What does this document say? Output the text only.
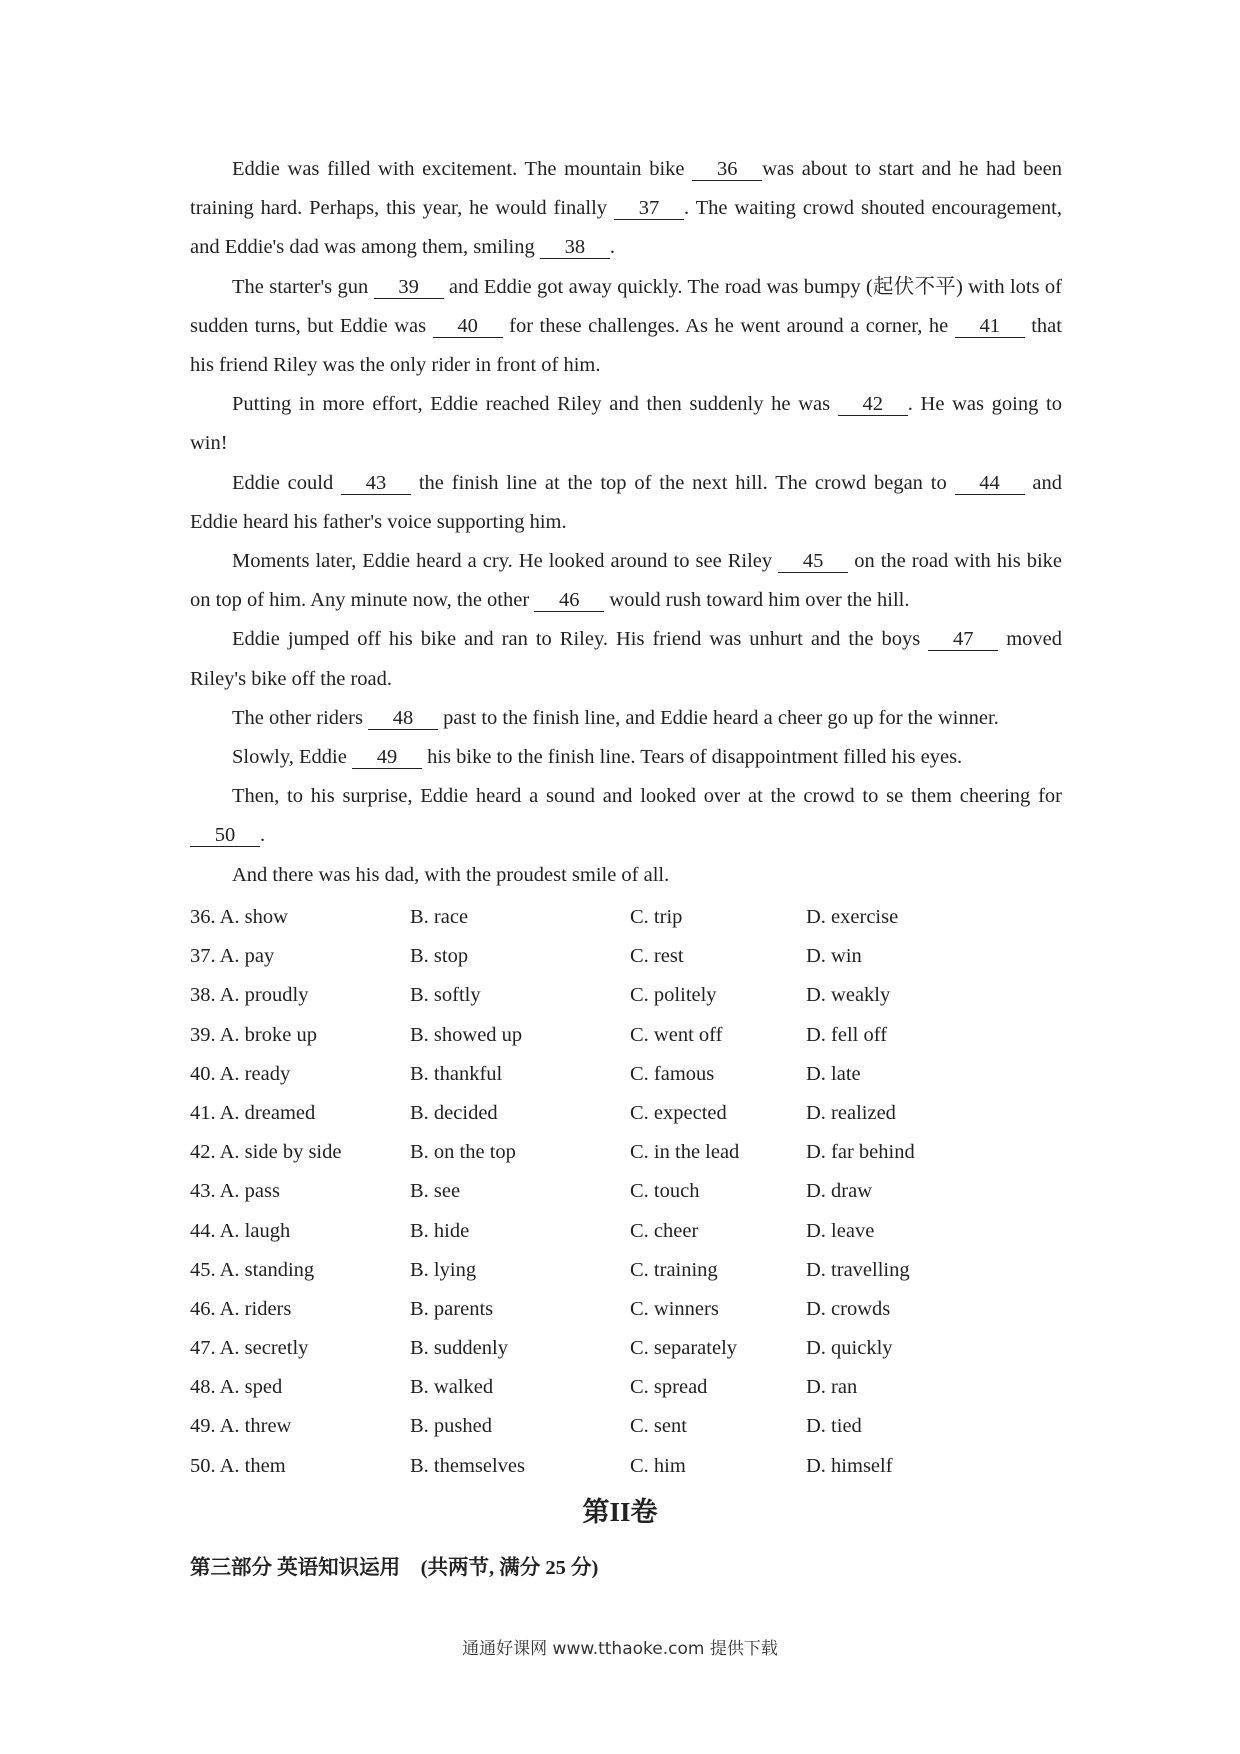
Eddie was filled with excitement. The mountain bike 36 was about to start and he had been training hard. Perhaps, this year, he would finally 37 . The waiting crowd shouted encouragement, and Eddie's dad was among them, smiling 38 .

The starter's gun 39 and Eddie got away quickly. The road was bumpy (起伏不平) with lots of sudden turns, but Eddie was 40 for these challenges. As he went around a corner, he 41 that his friend Riley was the only rider in front of him.

Putting in more effort, Eddie reached Riley and then suddenly he was 42 . He was going to win!

Eddie could 43 the finish line at the top of the next hill. The crowd began to 44 and Eddie heard his father's voice supporting him.

Moments later, Eddie heard a cry. He looked around to see Riley 45 on the road with his bike on top of him. Any minute now, the other 46 would rush toward him over the hill.

Eddie jumped off his bike and ran to Riley. His friend was unhurt and the boys 47 moved Riley's bike off the road.

The other riders 48 past to the finish line, and Eddie heard a cheer go up for the winner.

Slowly, Eddie 49 his bike to the finish line. Tears of disappointment filled his eyes.

Then, to his surprise, Eddie heard a sound and looked over at the crowd to se them cheering for 50 .

And there was his dad, with the proudest smile of all.

36. A. show	B. race	C. trip	D. exercise
37. A. pay	B. stop	C. rest	D. win
38. A. proudly	B. softly	C. politely	D. weakly
39. A. broke up	B. showed up	C. went off	D. fell off
40. A. ready	B. thankful	C. famous	D. late
41. A. dreamed	B. decided	C. expected	D. realized
42. A. side by side	B. on the top	C. in the lead	D. far behind
43. A. pass	B. see	C. touch	D. draw
44. A. laugh	B. hide	C. cheer	D. leave
45. A. standing	B. lying	C. training	D. travelling
46. A. riders	B. parents	C. winners	D. crowds
47. A. secretly	B. suddenly	C. separately	D. quickly
48. A. sped	B. walked	C. spread	D. ran
49. A. threw	B. pushed	C. sent	D. tied
50. A. them	B. themselves	C. him	D. himself
第II卷
第三部分 英语知识运用　(共两节, 满分 25 分)
通通好课网 www.tthaoke.com 提供下载
